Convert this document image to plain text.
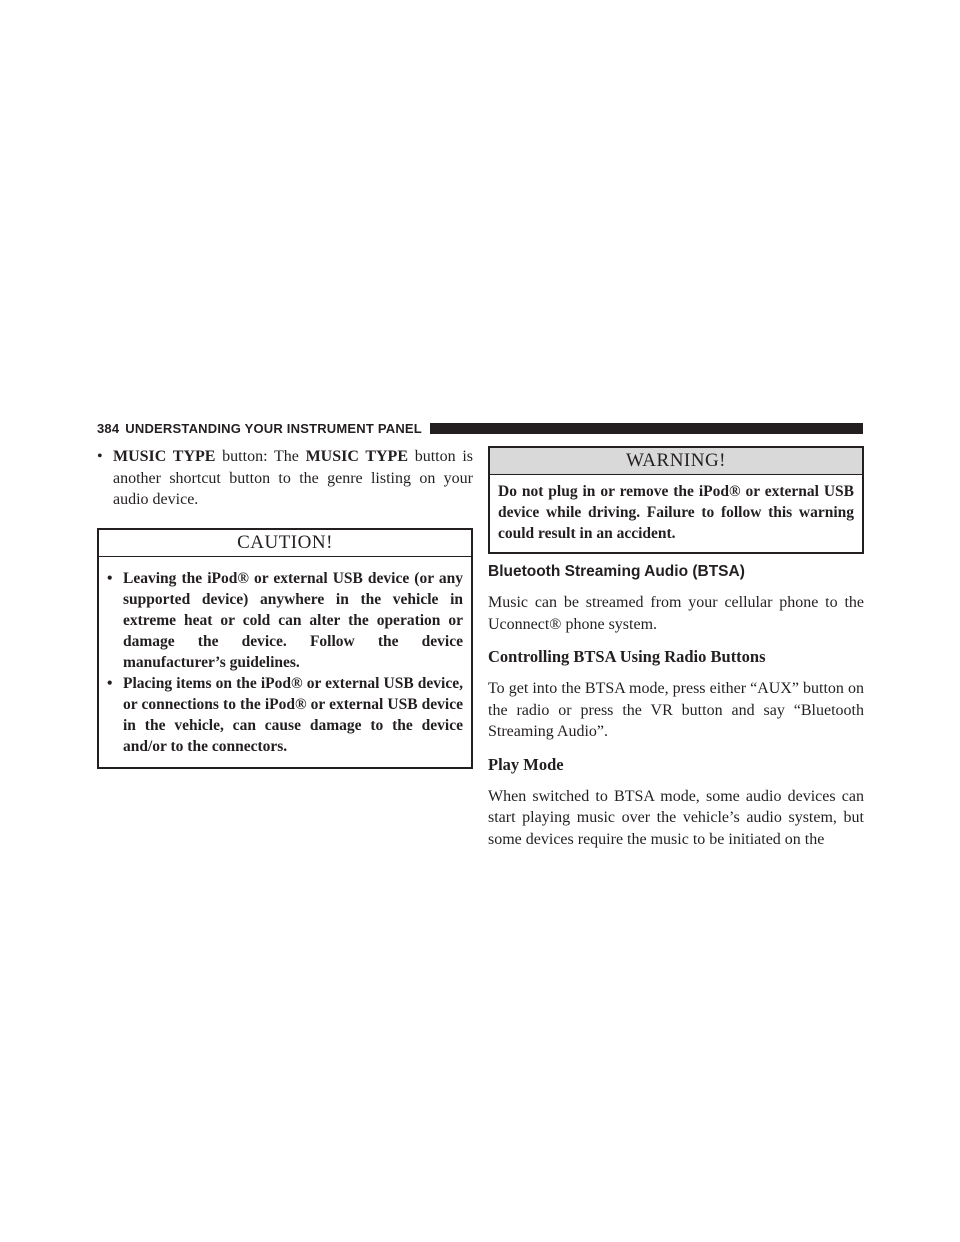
384 UNDERSTANDING YOUR INSTRUMENT PANEL
• MUSIC TYPE button: The MUSIC TYPE button is another shortcut button to the genre listing on your audio device.
CAUTION!
• Leaving the iPod® or external USB device (or any supported device) anywhere in the vehicle in extreme heat or cold can alter the operation or damage the device. Follow the device manufacturer’s guidelines.
• Placing items on the iPod® or external USB device, or connections to the iPod® or external USB device in the vehicle, can cause damage to the device and/or to the connectors.
WARNING!
Do not plug in or remove the iPod® or external USB device while driving. Failure to follow this warning could result in an accident.
Bluetooth Streaming Audio (BTSA)

Music can be streamed from your cellular phone to the Uconnect® phone system.

Controlling BTSA Using Radio Buttons

To get into the BTSA mode, press either “AUX” button on the radio or press the VR button and say “Bluetooth Streaming Audio”.

Play Mode

When switched to BTSA mode, some audio devices can start playing music over the vehicle’s audio system, but some devices require the music to be initiated on the
